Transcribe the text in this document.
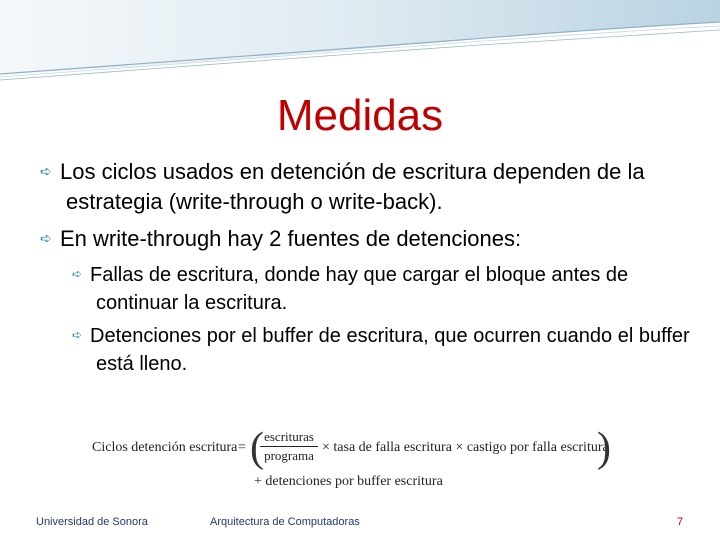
Medidas
➪ Los ciclos usados en detención de escritura dependen de la estrategia (write-through o write-back).
➪ En write-through hay 2 fuentes de detenciones:
➪ Fallas de escritura, donde hay que cargar el bloque antes de continuar la escritura.
➪ Detenciones por el buffer de escritura, que ocurren cuando el buffer está lleno.
Ciclos detención escritura = ( escrituras
programa
× tasa de falla escritura × castigo por falla escritura
)
+ detenciones por buffer escritura
Universidad de Sonora	Arquitectura de Computadoras	7
